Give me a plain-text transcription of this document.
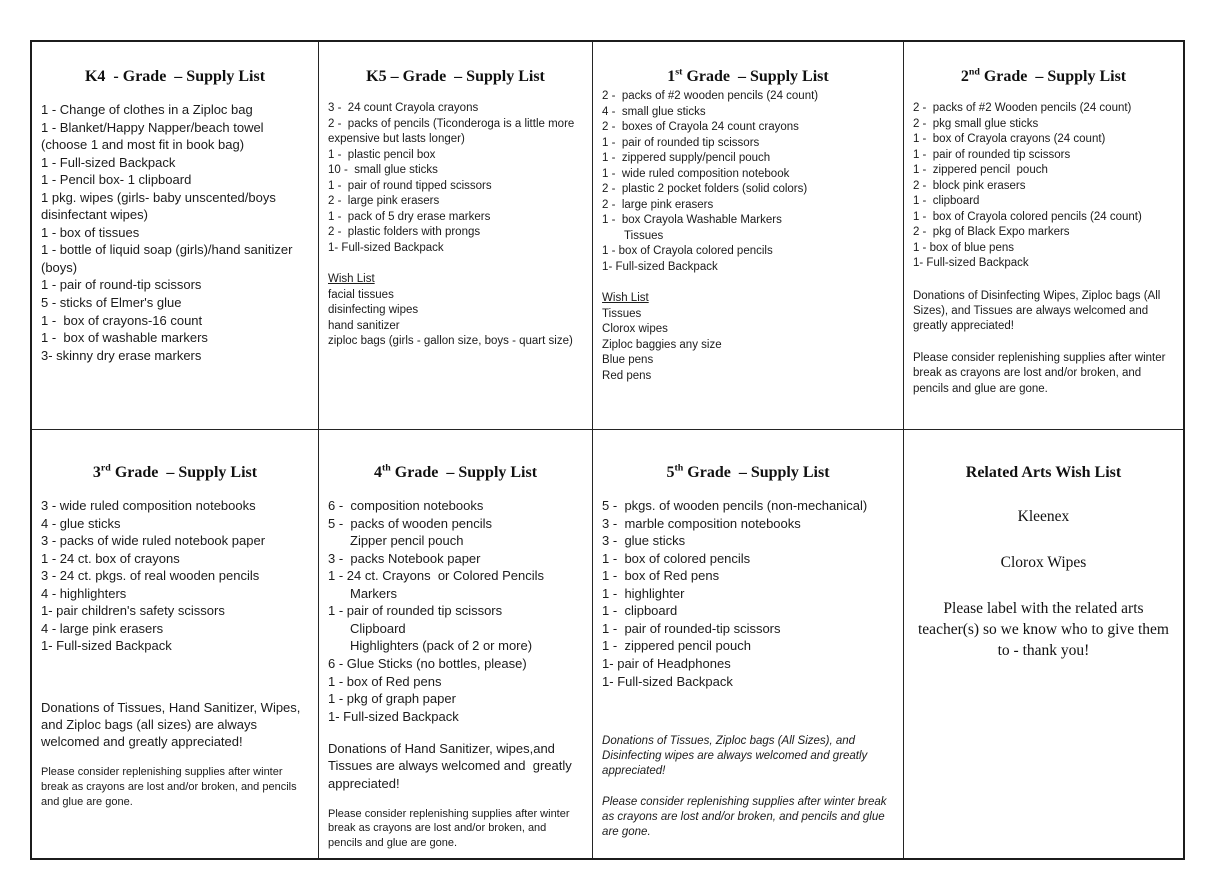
K4  - Grade  – Supply List
1 - Change of clothes in a Ziploc bag
1 - Blanket/Happy Napper/beach towel (choose 1 and most fit in book bag)
1 - Full-sized Backpack
1 - Pencil box- 1 clipboard
1 pkg. wipes (girls- baby unscented/boys disinfectant wipes)
1 - box of tissues
1 - bottle of liquid soap (girls)/hand sanitizer (boys)
1 - pair of round-tip scissors
5 - sticks of Elmer's glue
1 -  box of crayons-16 count
1 -  box of washable markers
3- skinny dry erase markers
K5 – Grade  – Supply List
3 -  24 count Crayola crayons
2 -  packs of pencils (Ticonderoga is a little more expensive but lasts longer)
1 -  plastic pencil box
10 -  small glue sticks
1 -  pair of round tipped scissors
2 -  large pink erasers
1 -  pack of 5 dry erase markers
2 -  plastic folders with prongs
1- Full-sized Backpack
Wish List
facial tissues
disinfecting wipes
hand sanitizer
ziploc bags (girls - gallon size, boys - quart size)
1st Grade  – Supply List
2 -  packs of #2 wooden pencils (24 count)
4 -  small glue sticks
2 -  boxes of Crayola 24 count crayons
1 -  pair of rounded tip scissors
1 -  zippered supply/pencil pouch
1 -  wide ruled composition notebook
2 -  plastic 2 pocket folders (solid colors)
2 -  large pink erasers
1 -  box Crayola Washable Markers
Tissues
1 - box of Crayola colored pencils
1- Full-sized Backpack
Wish List
Tissues
Clorox wipes
Ziploc baggies any size
Blue pens
Red pens
2nd Grade  – Supply List
2 -  packs of #2 Wooden pencils (24 count)
2 -  pkg small glue sticks
1 -  box of Crayola crayons (24 count)
1 -  pair of rounded tip scissors
1 -  zippered pencil  pouch
2 -  block pink erasers
1 -  clipboard
1 -  box of Crayola colored pencils (24 count)
2 -  pkg of Black Expo markers
1 - box of blue pens
1- Full-sized Backpack

Donations of Disinfecting Wipes, Ziploc bags (All Sizes), and Tissues are always welcomed and greatly appreciated!

Please consider replenishing supplies after winter break as crayons are lost and/or broken, and pencils and glue are gone.

3rd Grade  – Supply List
3 - wide ruled composition notebooks
4 - glue sticks
3 - packs of wide ruled notebook paper
1 - 24 ct. box of crayons
3 - 24 ct. pkgs. of real wooden pencils
4 - highlighters
1- pair children's safety scissors
4 - large pink erasers
1- Full-sized Backpack

Donations of Tissues, Hand Sanitizer, Wipes, and Ziploc bags (all sizes) are always welcomed and greatly appreciated!

Please consider replenishing supplies after winter break as crayons are lost and/or broken, and pencils and glue are gone.

4th Grade  – Supply List
6 -  composition notebooks
5 -  packs of wooden pencils
Zipper pencil pouch
3 -  packs Notebook paper
1 - 24 ct. Crayons  or Colored Pencils
Markers
1 - pair of rounded tip scissors
Clipboard
Highlighters (pack of 2 or more)
6 - Glue Sticks (no bottles, please)
1 - box of Red pens
1 - pkg of graph paper
1- Full-sized Backpack

Donations of Hand Sanitizer, wipes,and Tissues are always welcomed and  greatly appreciated!

Please consider replenishing supplies after winter break as crayons are lost and/or broken, and pencils and glue are gone.

5th Grade  – Supply List
5 -  pkgs. of wooden pencils (non-mechanical)
3 -  marble composition notebooks
3 -  glue sticks
1 -  box of colored pencils
1 -  box of Red pens
1 -  highlighter
1 -  clipboard
1 -  pair of rounded-tip scissors
1 -  zippered pencil pouch
1- pair of Headphones
1- Full-sized Backpack

Donations of Tissues, Ziploc bags (All Sizes), and Disinfecting wipes are always welcomed and greatly appreciated!

Please consider replenishing supplies after winter break as crayons are lost and/or broken, and pencils and glue are gone.

Related Arts Wish List

Kleenex

Clorox Wipes

Please label with the related arts teacher(s) so we know who to give them to - thank you!
